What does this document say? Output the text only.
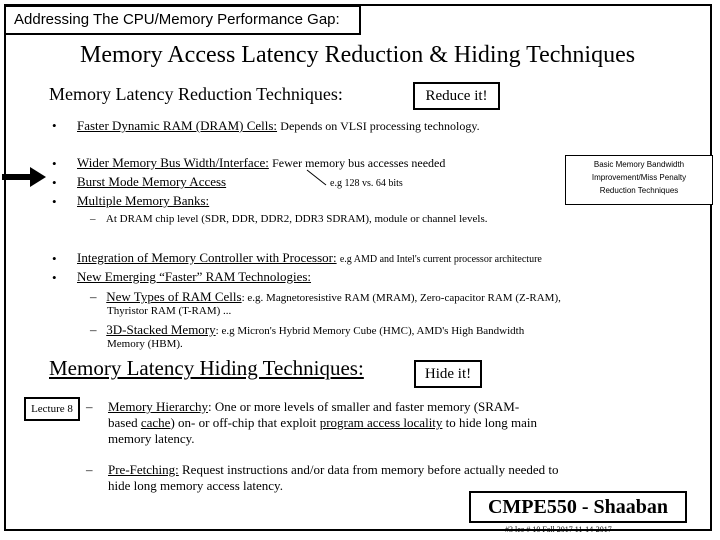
Addressing The CPU/Memory Performance Gap:
Memory Access Latency Reduction & Hiding Techniques
Memory Latency Reduction Techniques:	Reduce it!
• Faster Dynamic RAM (DRAM) Cells: Depends on VLSI processing technology.
• Wider Memory Bus Width/Interface: Fewer memory bus accesses needed
• Burst Mode Memory Access	e.g 128 vs. 64 bits
• Multiple Memory Banks:
Basic Memory Bandwidth
Improvement/Miss Penalty
Reduction Techniques
– At DRAM chip level (SDR, DDR, DDR2, DDR3 SDRAM), module or channel levels.
• Integration of Memory Controller with Processor: e.g AMD and Intel's current processor architecture
• New Emerging “Faster” RAM Technologies:
– New Types of RAM Cells: e.g. Magnetoresistive RAM (MRAM), Zero-capacitor RAM (Z-RAM),
Thyristor RAM (T-RAM) ...
– 3D-Stacked Memory: e.g Micron's Hybrid Memory Cube (HMC), AMD's High Bandwidth
Memory (HBM).
Memory Latency Hiding Techniques:	Hide it!
Lecture 8	– Memory Hierarchy: One or more levels of smaller and faster memory (SRAM-
based cache) on- or off-chip that exploit program access locality to hide long main
memory latency.
– Pre-Fetching: Request instructions and/or data from memory before actually needed to
hide long memory access latency.
CMPE550 - Shaaban
#3 lec # 10 Fall 2017 11-14-2017
